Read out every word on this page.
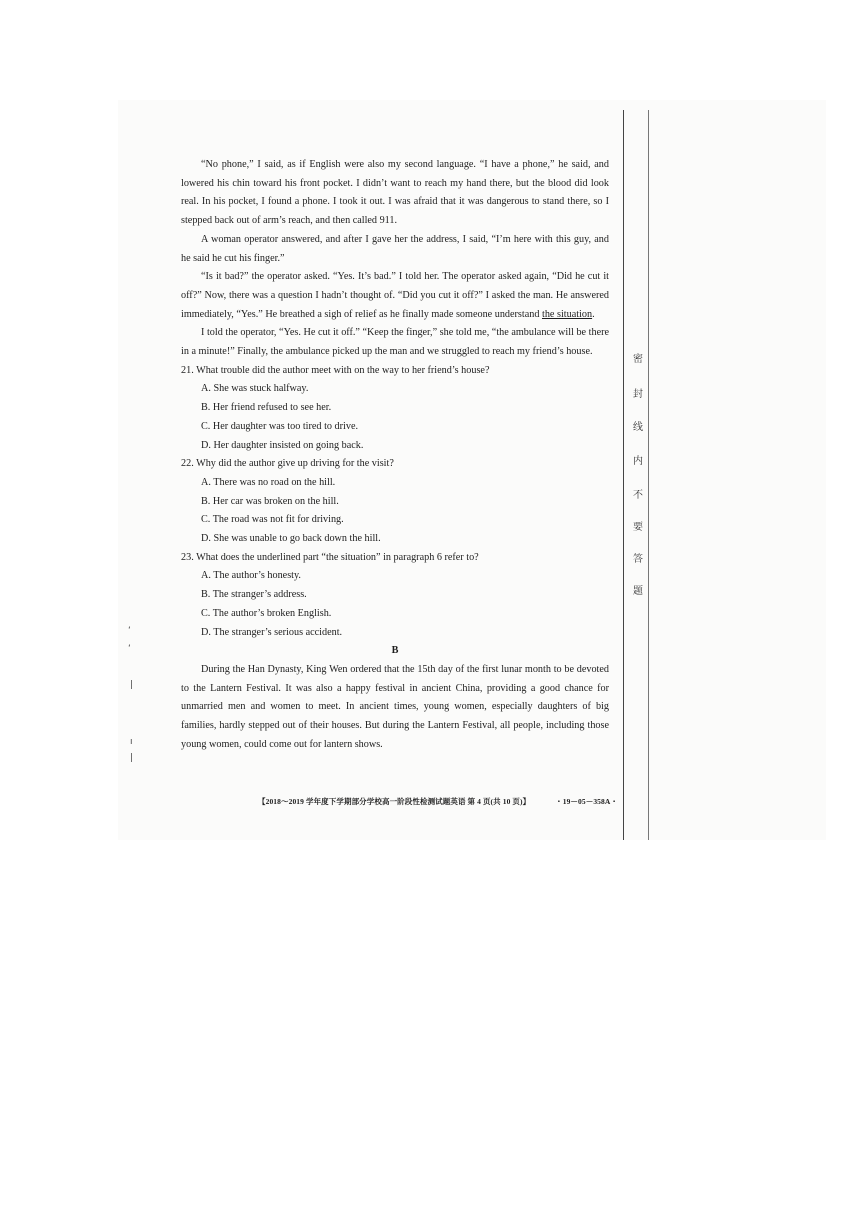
“No phone,” I said, as if English were also my second language. “I have a phone,” he said, and lowered his chin toward his front pocket. I didn’t want to reach my hand there, but the blood did look real. In his pocket, I found a phone. I took it out. I was afraid that it was dangerous to stand there, so I stepped back out of arm’s reach, and then called 911.

A woman operator answered, and after I gave her the address, I said, “I’m here with this guy, and he said he cut his finger.”

“Is it bad?” the operator asked. “Yes. It’s bad.” I told her. The operator asked again, “Did he cut it off?” Now, there was a question I hadn’t thought of. “Did you cut it off?” I asked the man. He answered immediately, “Yes.” He breathed a sigh of relief as he finally made someone understand the situation.

I told the operator, “Yes. He cut it off.” “Keep the finger,” she told me, “the ambulance will be there in a minute!” Finally, the ambulance picked up the man and we struggled to reach my friend’s house.

21. What trouble did the author meet with on the way to her friend’s house?
A. She was stuck halfway.
B. Her friend refused to see her.
C. Her daughter was too tired to drive.
D. Her daughter insisted on going back.
22. Why did the author give up driving for the visit?
A. There was no road on the hill.
B. Her car was broken on the hill.
C. The road was not fit for driving.
D. She was unable to go back down the hill.
23. What does the underlined part “the situation” in paragraph 6 refer to?
A. The author’s honesty.
B. The stranger’s address.
C. The author’s broken English.
D. The stranger’s serious accident.
B

During the Han Dynasty, King Wen ordered that the 15th day of the first lunar month to be devoted to the Lantern Festival. It was also a happy festival in ancient China, providing a good chance for unmarried men and women to meet. In ancient times, young women, especially daughters of big families, hardly stepped out of their houses. But during the Lantern Festival, all people, including those young women, could come out for lantern shows.

【2018～2019 学年度下学期部分学校高一阶段性检测试题英语 第 4 页(共 10 页)】	・19－05－358A・
密
封
线
内
不
要
答
题
ʻ
ʻ
|
ı
|
